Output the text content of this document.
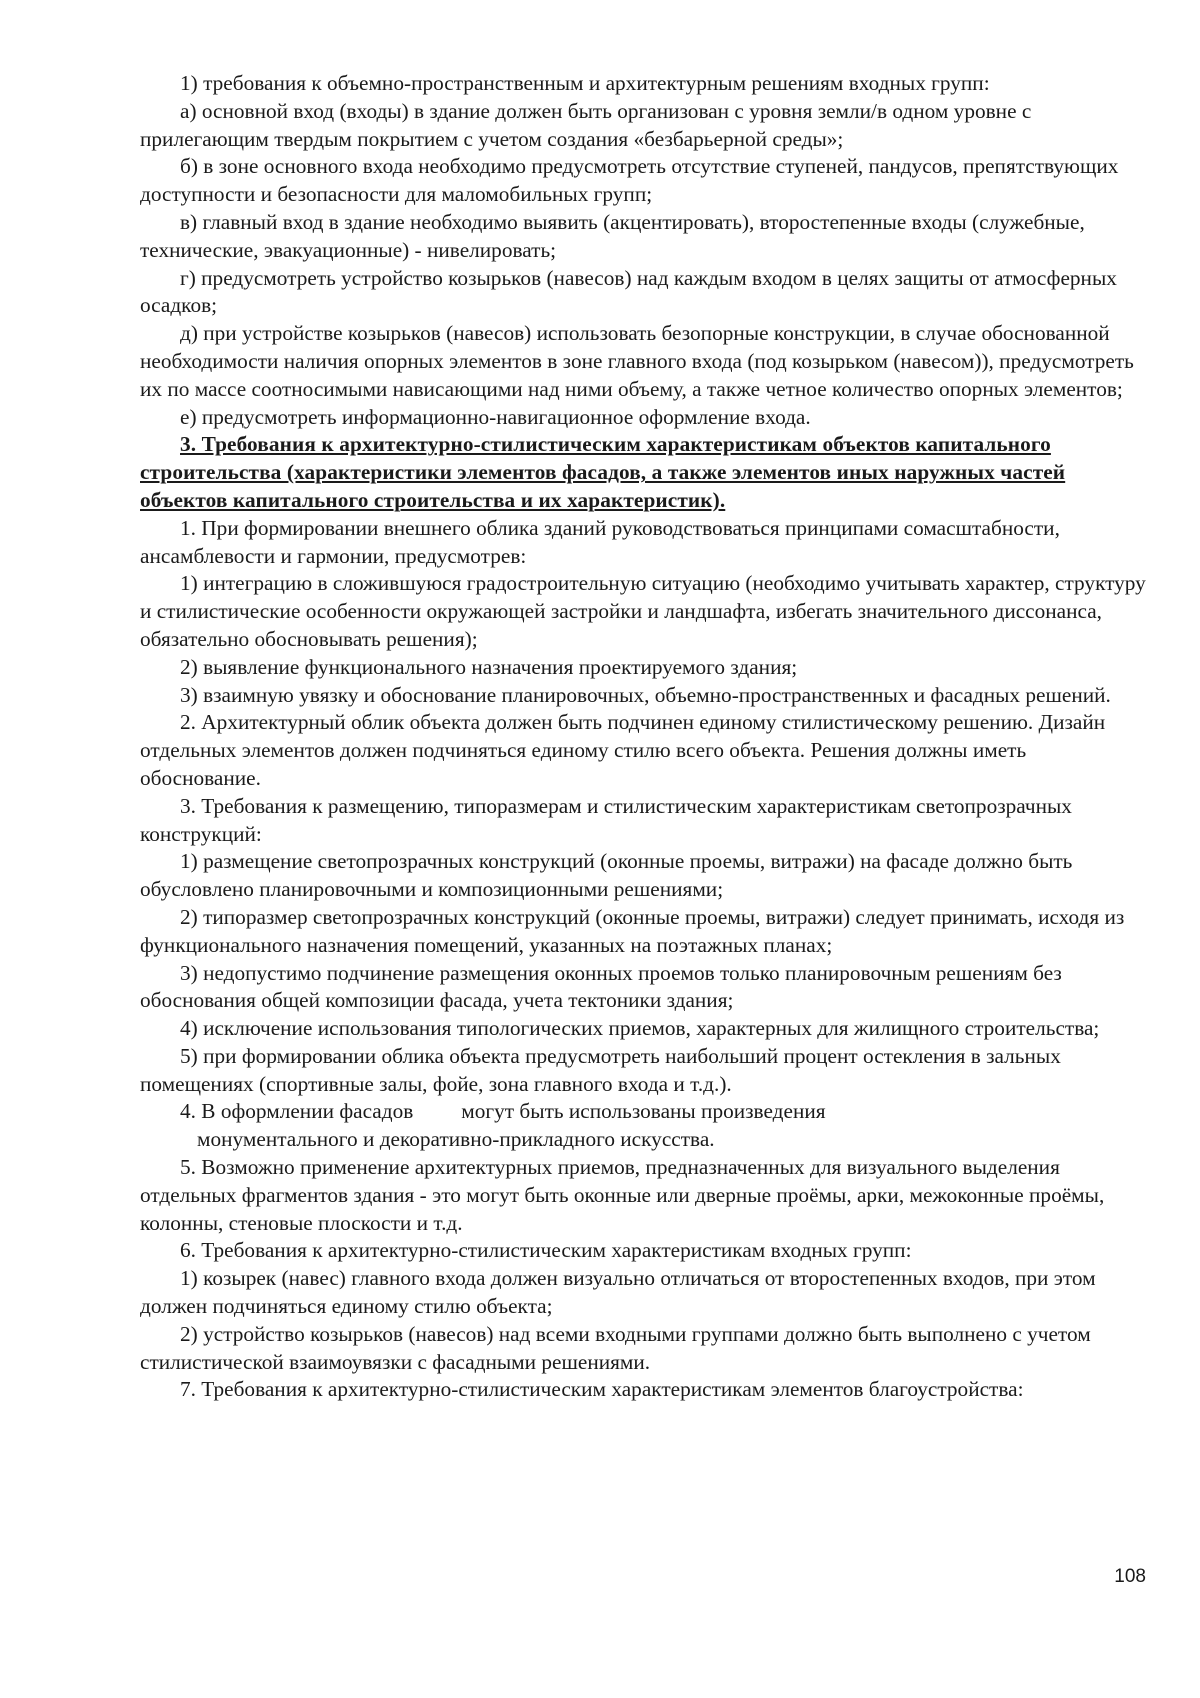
1) требования к объемно-пространственным и архитектурным решениям входных групп:

а) основной вход (входы) в здание должен быть организован с уровня земли/в одном уровне с прилегающим твердым покрытием с учетом создания «безбарьерной среды»;

б) в зоне основного входа необходимо предусмотреть отсутствие ступеней, пандусов, препятствующих доступности и безопасности для маломобильных групп;

в) главный вход в здание необходимо выявить (акцентировать), второстепенные входы (служебные, технические, эвакуационные) - нивелировать;

г) предусмотреть устройство козырьков (навесов) над каждым входом в целях защиты от атмосферных осадков;

д) при устройстве козырьков (навесов) использовать безопорные конструкции, в случае обоснованной необходимости наличия опорных элементов в зоне главного входа (под козырьком (навесом)), предусмотреть их по массе соотносимыми нависающими над ними объему, а также четное количество опорных элементов;

е) предусмотреть информационно-навигационное оформление входа.

3. Требования к архитектурно-стилистическим характеристикам объектов капитального строительства (характеристики элементов фасадов, а также элементов иных наружных частей объектов капитального строительства и их характеристик).

1. При формировании внешнего облика зданий руководствоваться принципами сомасштабности, ансамблевости и гармонии, предусмотрев:

1) интеграцию в сложившуюся градостроительную ситуацию (необходимо учитывать характер, структуру и стилистические особенности окружающей застройки и ландшафта, избегать значительного диссонанса, обязательно обосновывать решения);

2) выявление функционального назначения проектируемого здания;

3) взаимную увязку и обоснование планировочных, объемно-пространственных и фасадных решений.

2. Архитектурный облик объекта должен быть подчинен единому стилистическому решению. Дизайн отдельных элементов должен подчиняться единому стилю всего объекта. Решения должны иметь обоснование.

3. Требования к размещению, типоразмерам и стилистическим характеристикам светопрозрачных конструкций:

1) размещение светопрозрачных конструкций (оконные проемы, витражи) на фасаде должно быть обусловлено планировочными и композиционными решениями;

2) типоразмер светопрозрачных конструкций (оконные проемы, витражи) следует принимать, исходя из функционального назначения помещений, указанных на поэтажных планах;

3) недопустимо подчинение размещения оконных проемов только планировочным решениям без обоснования общей композиции фасада, учета тектоники здания;

4) исключение использования типологических приемов, характерных для жилищного строительства;

5) при формировании облика объекта предусмотреть наибольший процент остекления в зальных помещениях (спортивные залы, фойе, зона главного входа и т.д.).

4. В оформлении фасадов могут быть использованы произведения
монументального и декоративно-прикладного искусства.

5. Возможно применение архитектурных приемов, предназначенных для визуального выделения отдельных фрагментов здания - это могут быть оконные или дверные проёмы, арки, межоконные проёмы, колонны, стеновые плоскости и т.д.

6. Требования к архитектурно-стилистическим характеристикам входных групп:

1) козырек (навес) главного входа должен визуально отличаться от второстепенных входов, при этом должен подчиняться единому стилю объекта;

2) устройство козырьков (навесов) над всеми входными группами должно быть выполнено с учетом стилистической взаимоувязки с фасадными решениями.

7. Требования к архитектурно-стилистическим характеристикам элементов благоустройства:

108
